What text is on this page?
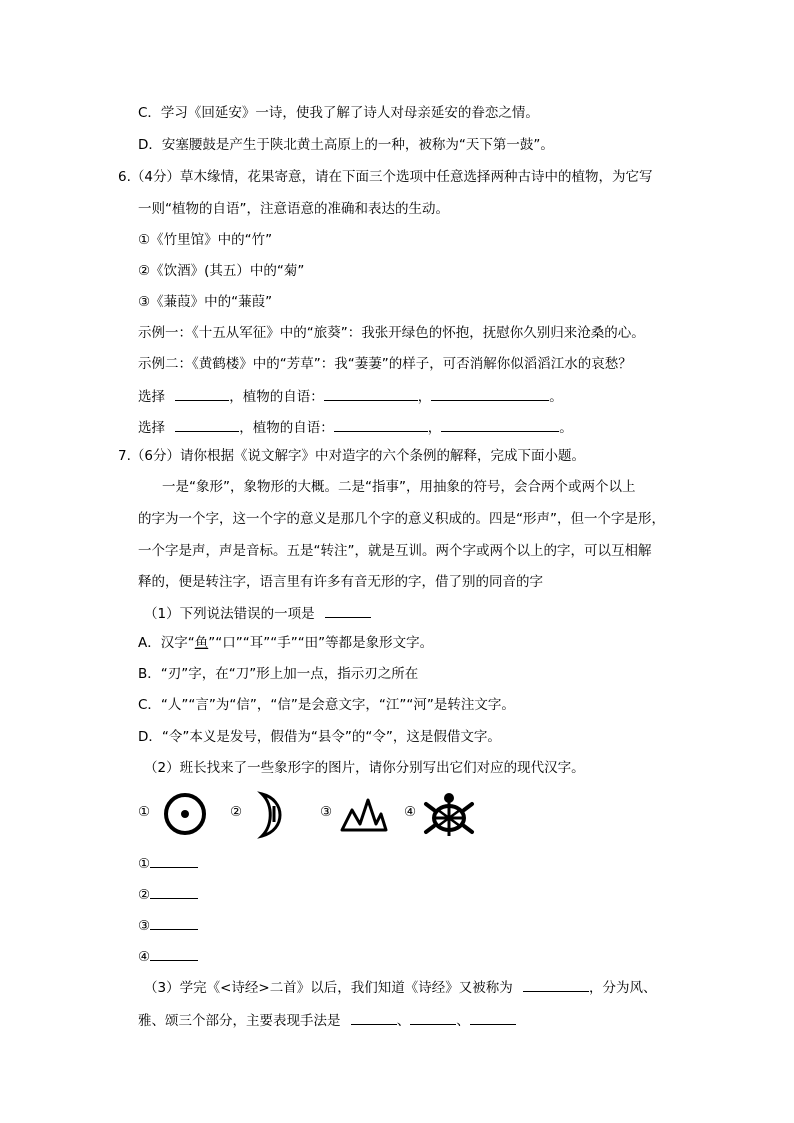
C．学习《回延安》一诗，使我了解了诗人对母亲延安的眷恋之情。
D．安塞腰鼓是产生于陕北黄土高原上的一种，被称为“天下第一鼓”。
6.（4分）草木缘情，花果寄意，请在下面三个选项中任意选择两种古诗中的植物，为它写
一则“植物的自语”，注意语意的准确和表达的生动。
①《竹里馆》中的“竹”
②《饮酒》(其五）中的“菊”
③《蒹葭》中的“蒹葭”
示例一：《十五从军征》中的“旅葵”：我张开绿色的怀抱，抚慰你久别归来沧桑的心。
示例二：《黄鹤楼》中的“芳草”：我“萋萋”的样子，可否消解你似滔滔江水的哀愁？
选择	，植物的自语：	，	。
选择	，植物的自语：	，	。
7.（6分）请你根据《说文解字》中对造字的六个条例的解释，完成下面小题。
一是“象形”，象物形的大概。二是“指事”，用抽象的符号，会合两个或两个以上
的字为一个字，这一个字的意义是那几个字的意义积成的。四是“形声”，但一个字是形，
一个字是声，声是音标。五是“转注”，就是互训。两个字或两个以上的字，可以互相解
释的，便是转注字，语言里有许多有音无形的字，借了别的同音的字
（1）下列说法错误的一项是
A．汉字“鱼”“口”“耳”“手”“田”等都是象形文字。
B．“刃”字，在“刀”形上加一点，指示刃之所在
C．“人”“言”为“信”，“信”是会意文字，“江”“河”是转注文字。
D．“令”本义是发号，假借为“县令”的“令”，这是假借文字。
（2）班长找来了一些象形字的图片，请你分别写出它们对应的现代汉字。
①	②	③	④
①
②
③
④
（3）学完《<诗经>二首》以后，我们知道《诗经》又被称为	，分为风、
雅、颂三个部分，主要表现手法是	、	、
